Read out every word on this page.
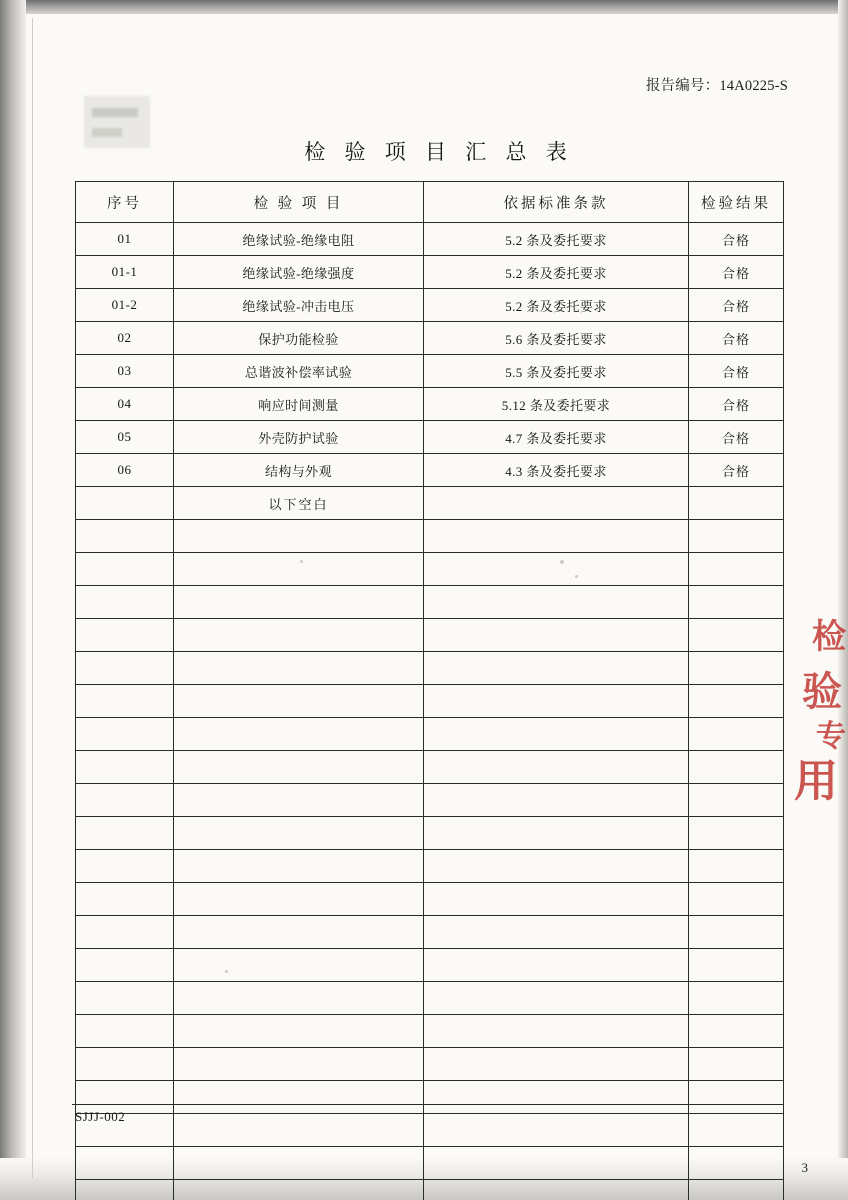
报告编号：14A0225-S
检 验 项 目 汇 总 表
序号	检 验 项 目	依据标准条款	检验结果
01	绝缘试验-绝缘电阻	5.2 条及委托要求	合格
01-1	绝缘试验-绝缘强度	5.2 条及委托要求	合格
01-2	绝缘试验-冲击电压	5.2 条及委托要求	合格
02	保护功能检验	5.6 条及委托要求	合格
03	总谐波补偿率试验	5.5 条及委托要求	合格
04	响应时间测量	5.12 条及委托要求	合格
05	外壳防护试验	4.7 条及委托要求	合格
06	结构与外观	4.3 条及委托要求	合格
	以下空白		

SJJJ-002
3
检
验
专
用
